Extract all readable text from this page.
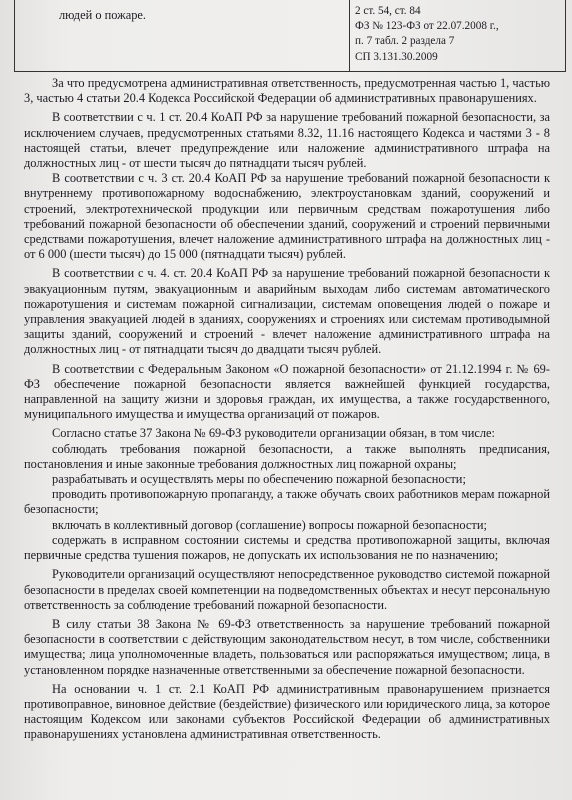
людей о пожаре.	2 ст. 54, ст. 84
ФЗ № 123-ФЗ от 22.07.2008 г.,
п. 7 табл. 2 раздела 7
СП 3.131.30.2009

За что предусмотрена административная ответственность, предусмотренная частью 1, частью 3, частью 4 статьи 20.4 Кодекса Российской Федерации об административных правонарушениях.

В соответствии с ч. 1 ст. 20.4 КоАП РФ за нарушение требований пожарной безопасности, за исключением случаев, предусмотренных статьями 8.32, 11.16 настоящего Кодекса и частями 3 - 8 настоящей статьи, влечет предупреждение или наложение административного штрафа на должностных лиц - от шести тысяч до пятнадцати тысяч рублей.

В соответствии с ч. 3 ст. 20.4 КоАП РФ за нарушение требований пожарной безопасности к внутреннему противопожарному водоснабжению, электроустановкам зданий, сооружений и строений, электротехнической продукции или первичным средствам пожаротушения либо требований пожарной безопасности об обеспечении зданий, сооружений и строений первичными средствами пожаротушения, влечет наложение административного штрафа на должностных лиц - от 6 000 (шести тысяч) до 15 000 (пятнадцати тысяч) рублей.

В соответствии с ч. 4. ст. 20.4 КоАП РФ за нарушение требований пожарной безопасности к эвакуационным путям, эвакуационным и аварийным выходам либо системам автоматического пожаротушения и системам пожарной сигнализации, системам оповещения людей о пожаре и управления эвакуацией людей в зданиях, сооружениях и строениях или системам противодымной защиты зданий, сооружений и строений - влечет наложение административного штрафа на должностных лиц - от пятнадцати тысяч до двадцати тысяч рублей.

В соответствии с Федеральным Законом «О пожарной безопасности» от 21.12.1994 г. № 69-ФЗ обеспечение пожарной безопасности является важнейшей функцией государства, направленной на защиту жизни и здоровья граждан, их имущества, а также государственного, муниципального имущества и имущества организаций от пожаров.

Согласно статье 37 Закона № 69-ФЗ руководители организации обязан, в том числе:

соблюдать требования пожарной безопасности, а также выполнять предписания, постановления и иные законные требования должностных лиц пожарной охраны;

разрабатывать и осуществлять меры по обеспечению пожарной безопасности;

проводить противопожарную пропаганду, а также обучать своих работников мерам пожарной безопасности;

включать в коллективный договор (соглашение) вопросы пожарной безопасности;

содержать в исправном состоянии системы и средства противопожарной защиты, включая первичные средства тушения пожаров, не допускать их использования не по назначению;

Руководители организаций осуществляют непосредственное руководство системой пожарной безопасности в пределах своей компетенции на подведомственных объектах и несут персональную ответственность за соблюдение требований пожарной безопасности.

В силу статьи 38 Закона № 69-ФЗ ответственность за нарушение требований пожарной безопасности в соответствии с действующим законодательством несут, в том числе, собственники имущества; лица уполномоченные владеть, пользоваться или распоряжаться имуществом; лица, в установленном порядке назначенные ответственными за обеспечение пожарной безопасности.

На основании ч. 1 ст. 2.1 КоАП РФ административным правонарушением признается противоправное, виновное действие (бездействие) физического или юридического лица, за которое настоящим Кодексом или законами субъектов Российской Федерации об административных правонарушениях установлена административная ответственность.
